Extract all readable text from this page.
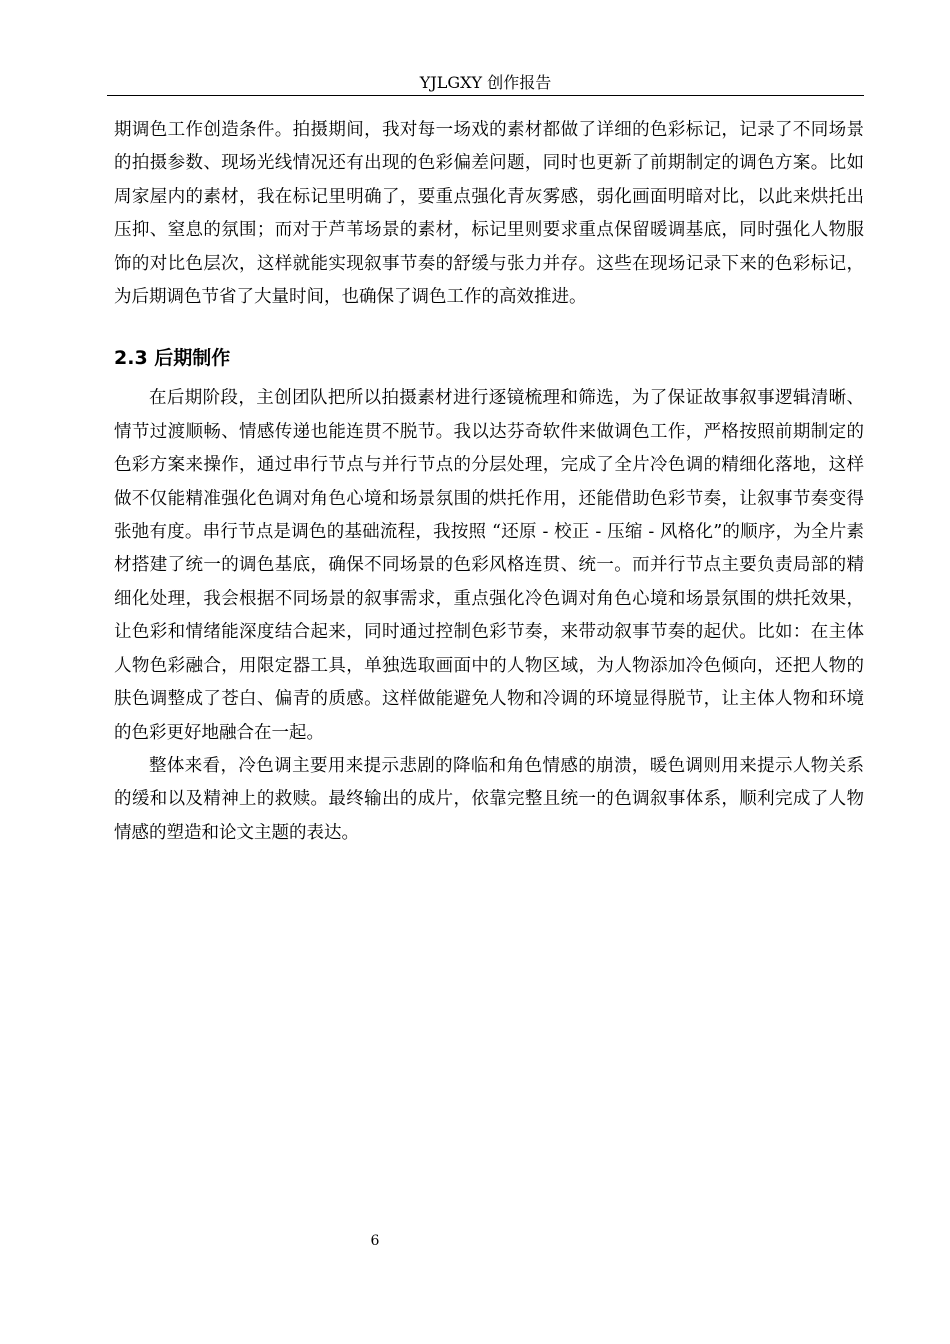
YJLGXY 创作报告

期调色工作创造条件。拍摄期间，我对每一场戏的素材都做了详细的色彩标记，记录了不同场景的拍摄参数、现场光线情况还有出现的色彩偏差问题，同时也更新了前期制定的调色方案。比如周家屋内的素材，我在标记里明确了，要重点强化青灰雾感，弱化画面明暗对比，以此来烘托出压抑、窒息的氛围；而对于芦苇场景的素材，标记里则要求重点保留暖调基底，同时强化人物服饰的对比色层次，这样就能实现叙事节奏的舒缓与张力并存。这些在现场记录下来的色彩标记，为后期调色节省了大量时间，也确保了调色工作的高效推进。

2.3 后期制作

在后期阶段，主创团队把所以拍摄素材进行逐镜梳理和筛选，为了保证故事叙事逻辑清晰、情节过渡顺畅、情感传递也能连贯不脱节。我以达芬奇软件来做调色工作，严格按照前期制定的色彩方案来操作，通过串行节点与并行节点的分层处理，完成了全片冷色调的精细化落地，这样做不仅能精准强化色调对角色心境和场景氛围的烘托作用，还能借助色彩节奏，让叙事节奏变得张弛有度。串行节点是调色的基础流程，我按照 “还原 - 校正 - 压缩 - 风格化”的顺序，为全片素材搭建了统一的调色基底，确保不同场景的色彩风格连贯、统一。而并行节点主要负责局部的精细化处理，我会根据不同场景的叙事需求，重点强化冷色调对角色心境和场景氛围的烘托效果，让色彩和情绪能深度结合起来，同时通过控制色彩节奏，来带动叙事节奏的起伏。比如：在主体人物色彩融合，用限定器工具，单独选取画面中的人物区域，为人物添加冷色倾向，还把人物的肤色调整成了苍白、偏青的质感。这样做能避免人物和冷调的环境显得脱节，让主体人物和环境的色彩更好地融合在一起。

整体来看，冷色调主要用来提示悲剧的降临和角色情感的崩溃，暖色调则用来提示人物关系的缓和以及精神上的救赎。最终输出的成片，依靠完整且统一的色调叙事体系，顺利完成了人物情感的塑造和论文主题的表达。

6
